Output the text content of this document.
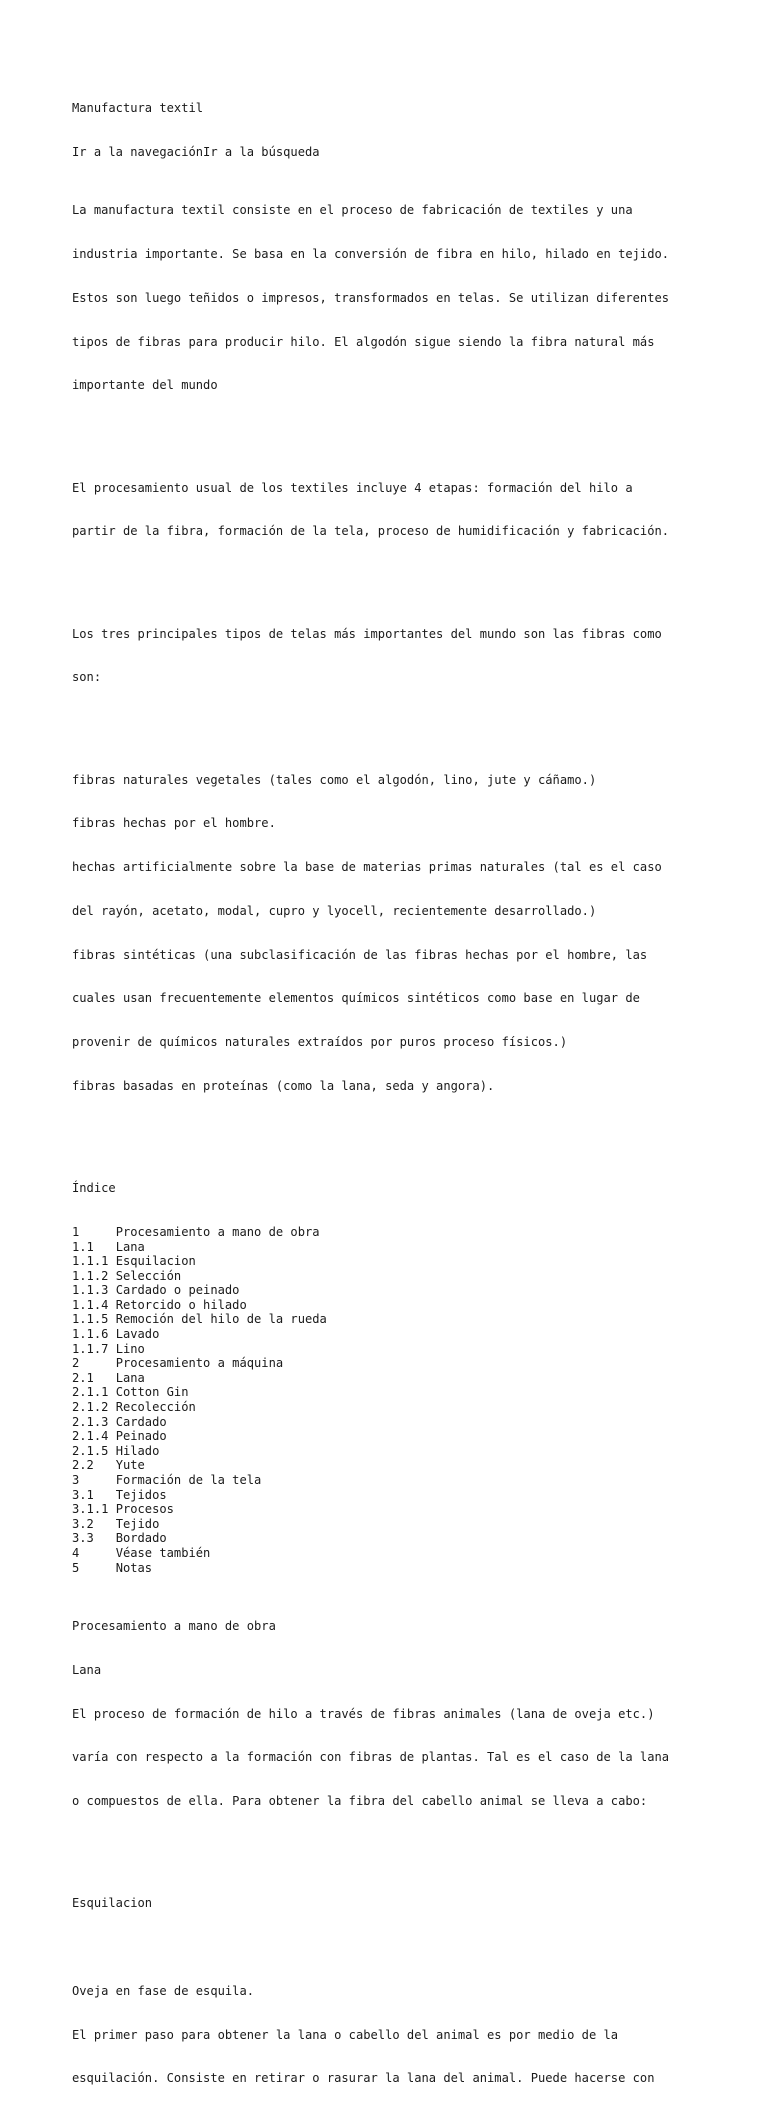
Manufactura textil

Ir a la navegaciónIr a la búsqueda

La manufactura textil consiste en el proceso de fabricación de textiles y una

industria importante. Se basa en la conversión de fibra en hilo, hilado en tejido.

Estos son luego teñidos o impresos, transformados en telas. Se utilizan diferentes

tipos de fibras para producir hilo. El algodón sigue siendo la fibra natural más

importante del mundo

El procesamiento usual de los textiles incluye 4 etapas: formación del hilo a

partir de la fibra, formación de la tela, proceso de humidificación y fabricación.

Los tres principales tipos de telas más importantes del mundo son las fibras como

son:

fibras naturales vegetales (tales como el algodón, lino, jute y cáñamo.)

fibras hechas por el hombre.

hechas artificialmente sobre la base de materias primas naturales (tal es el caso

del rayón, acetato, modal, cupro y lyocell, recientemente desarrollado.)

fibras sintéticas (una subclasificación de las fibras hechas por el hombre, las

cuales usan frecuentemente elementos químicos sintéticos como base en lugar de

provenir de químicos naturales extraídos por puros proceso físicos.)

fibras basadas en proteínas (como la lana, seda y angora).

Índice

1     Procesamiento a mano de obra
1.1   Lana
1.1.1 Esquilacion
1.1.2 Selección
1.1.3 Cardado o peinado
1.1.4 Retorcido o hilado
1.1.5 Remoción del hilo de la rueda
1.1.6 Lavado
1.1.7 Lino
2     Procesamiento a máquina
2.1   Lana
2.1.1 Cotton Gin
2.1.2 Recolección
2.1.3 Cardado
2.1.4 Peinado
2.1.5 Hilado
2.2   Yute
3     Formación de la tela
3.1   Tejidos
3.1.1 Procesos
3.2   Tejido
3.3   Bordado
4     Véase también
5     Notas

Procesamiento a mano de obra

Lana

El proceso de formación de hilo a través de fibras animales (lana de oveja etc.)

varía con respecto a la formación con fibras de plantas. Tal es el caso de la lana

o compuestos de ella. Para obtener la fibra del cabello animal se lleva a cabo:

Esquilacion

Oveja en fase de esquila.

El primer paso para obtener la lana o cabello del animal es por medio de la

esquilación. Consiste en retirar o rasurar la lana del animal. Puede hacerse con
